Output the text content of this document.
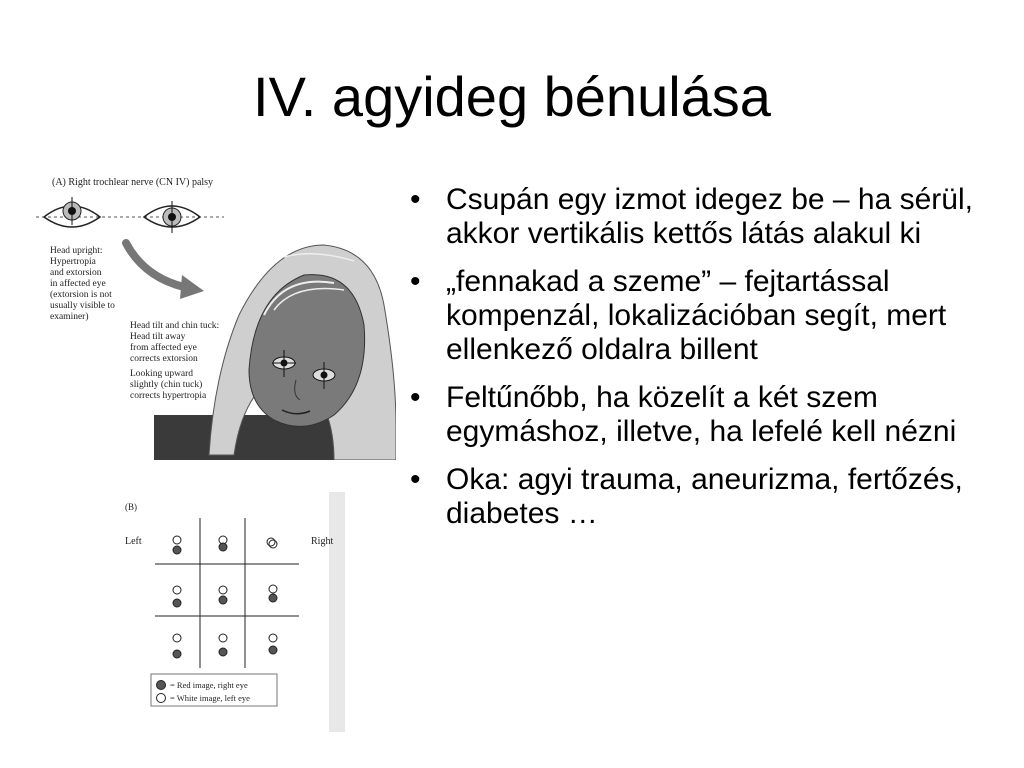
IV. agyideg bénulása
• Csupán egy izmot idegez be – ha sérül, akkor vertikális kettős látás alakul ki
• „fennakad a szeme” – fejtartással kompenzál, lokalizációban segít, mert ellenkező oldalra billent
• Feltűnőbb, ha közelít a két szem egymáshoz, illetve, ha lefelé kell nézni
• Oka: agyi trauma, aneurizma, fertőzés, diabetes …
(A) Right trochlear nerve (CN IV) palsy
Head upright:
Hypertropia
and extorsion
in affected eye
(extorsion is not
usually visible to
examiner)
Head tilt and chin tuck:
Head tilt away
from affected eye
corrects extorsion
Looking upward
slightly (chin tuck)
corrects hypertropia
(B)
Left	Right
= Red image, right eye
= White image, left eye
